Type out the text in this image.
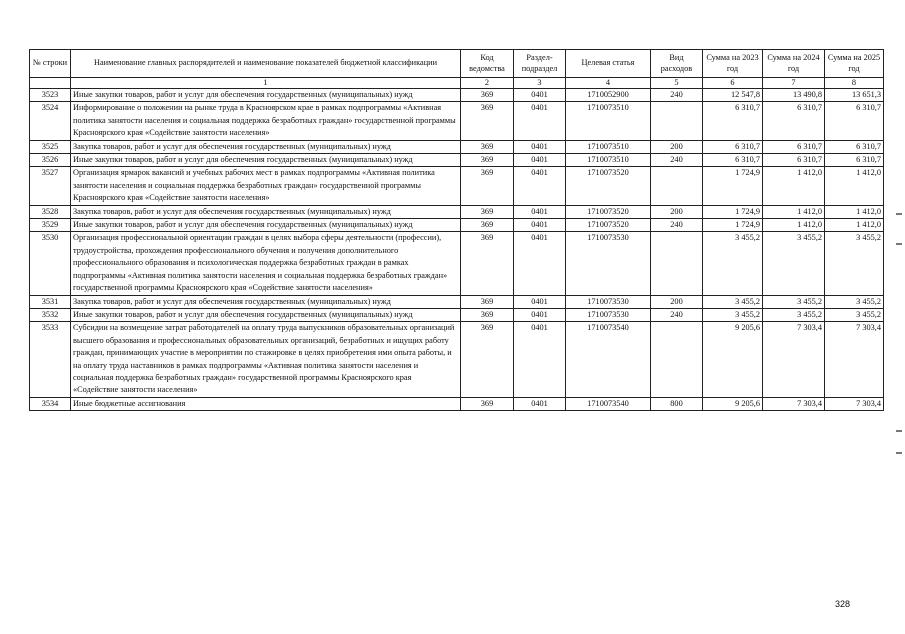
№ строки	Наименование главных распорядителей и наименование показателей бюджетной классификации	Код ведомства	Раздел-подраздел	Целевая статья	Вид расходов	Сумма на 2023 год	Сумма на 2024 год	Сумма на 2025 год
	1	2	3	4	5	6	7	8
3523	Иные закупки товаров, работ и услуг для обеспечения государственных (муниципальных) нужд	369	0401	1710052900	240	12 547,8	13 490,8	13 651,3
3524	Информирование о положении на рынке труда в Красноярском крае в рамках подпрограммы «Активная политика занятости населения и социальная поддержка безработных граждан» государственной программы Красноярского края «Содействие занятости населения»	369	0401	1710073510		6 310,7	6 310,7	6 310,7
3525	Закупка товаров, работ и услуг для обеспечения государственных (муниципальных) нужд	369	0401	1710073510	200	6 310,7	6 310,7	6 310,7
3526	Иные закупки товаров, работ и услуг для обеспечения государственных (муниципальных) нужд	369	0401	1710073510	240	6 310,7	6 310,7	6 310,7
3527	Организация ярмарок вакансий и учебных рабочих мест в рамках подпрограммы «Активная политика занятости населения и социальная поддержка безработных граждан» государственной программы Красноярского края «Содействие занятости населения»	369	0401	1710073520		1 724,9	1 412,0	1 412,0
3528	Закупка товаров, работ и услуг для обеспечения государственных (муниципальных) нужд	369	0401	1710073520	200	1 724,9	1 412,0	1 412,0
3529	Иные закупки товаров, работ и услуг для обеспечения государственных (муниципальных) нужд	369	0401	1710073520	240	1 724,9	1 412,0	1 412,0
3530	Организация профессиональной ориентации граждан в целях выбора сферы деятельности (профессии), трудоустройства, прохождения профессионального обучения и получения дополнительного профессионального образования и психологическая поддержка безработных граждан в рамках подпрограммы «Активная политика занятости населения и социальная поддержка безработных граждан» государственной программы Красноярского края «Содействие занятости населения»	369	0401	1710073530		3 455,2	3 455,2	3 455,2
3531	Закупка товаров, работ и услуг для обеспечения государственных (муниципальных) нужд	369	0401	1710073530	200	3 455,2	3 455,2	3 455,2
3532	Иные закупки товаров, работ и услуг для обеспечения государственных (муниципальных) нужд	369	0401	1710073530	240	3 455,2	3 455,2	3 455,2
3533	Субсидии на возмещение затрат работодателей на оплату труда выпускников образовательных организаций высшего образования и профессиональных образовательных организаций, безработных и ищущих работу граждан, принимающих участие в мероприятии по стажировке в целях приобретения ими опыта работы, и на оплату труда наставников в рамках подпрограммы «Активная политика занятости населения и социальная поддержка безработных граждан» государственной программы Красноярского края «Содействие занятости населения»	369	0401	1710073540		9 205,6	7 303,4	7 303,4
3534	Иные бюджетные ассигнования	369	0401	1710073540	800	9 205,6	7 303,4	7 303,4
328
